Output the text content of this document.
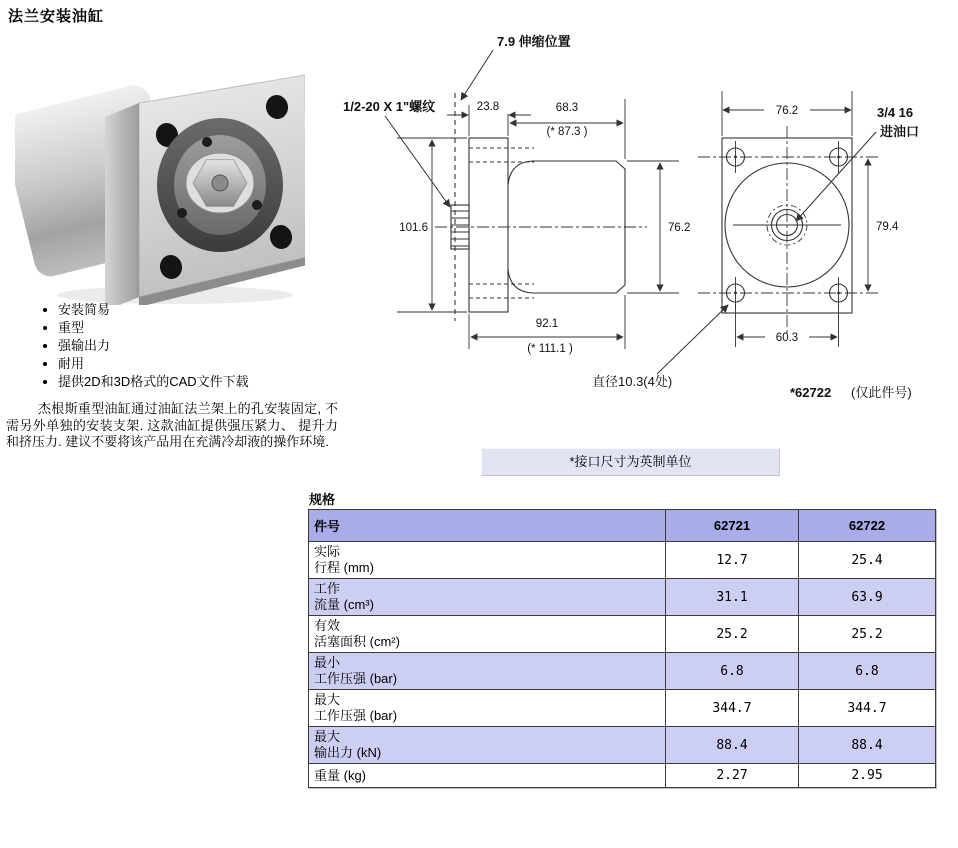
法兰安装油缸
• 安装简易
• 重型
• 强输出力
• 耐用
• 提供2D和3D格式的CAD文件下载
杰根斯重型油缸通过油缸法兰架上的孔安装固定, 不需另外单独的安装支架. 这款油缸提供强压紧力、 提升力和挤压力. 建议不要将该产品用在充满冷却液的操作环境.
7.9 伸缩位置
1/2-20 X 1"螺纹	23.8	68.3
(* 87.3 )
101.6	76.2
92.1
(* 111.1 )
3/4 16
进油口
直径10.3(4处)
*62722 (仅此件号)
76.2
79.4
60.3
*接口尺寸为英制单位
规格
件号	62721	62722

实际
行程 (mm)	12.7	25.4

工作
流量 (cm³)	31.1	63.9

有效
活塞面积 (cm²)	25.2	25.2

最小
工作压强 (bar)	6.8	6.8

最大
工作压强 (bar)	344.7	344.7

最大
输出力 (kN)	88.4	88.4

重量 (kg)	2.27	2.95
